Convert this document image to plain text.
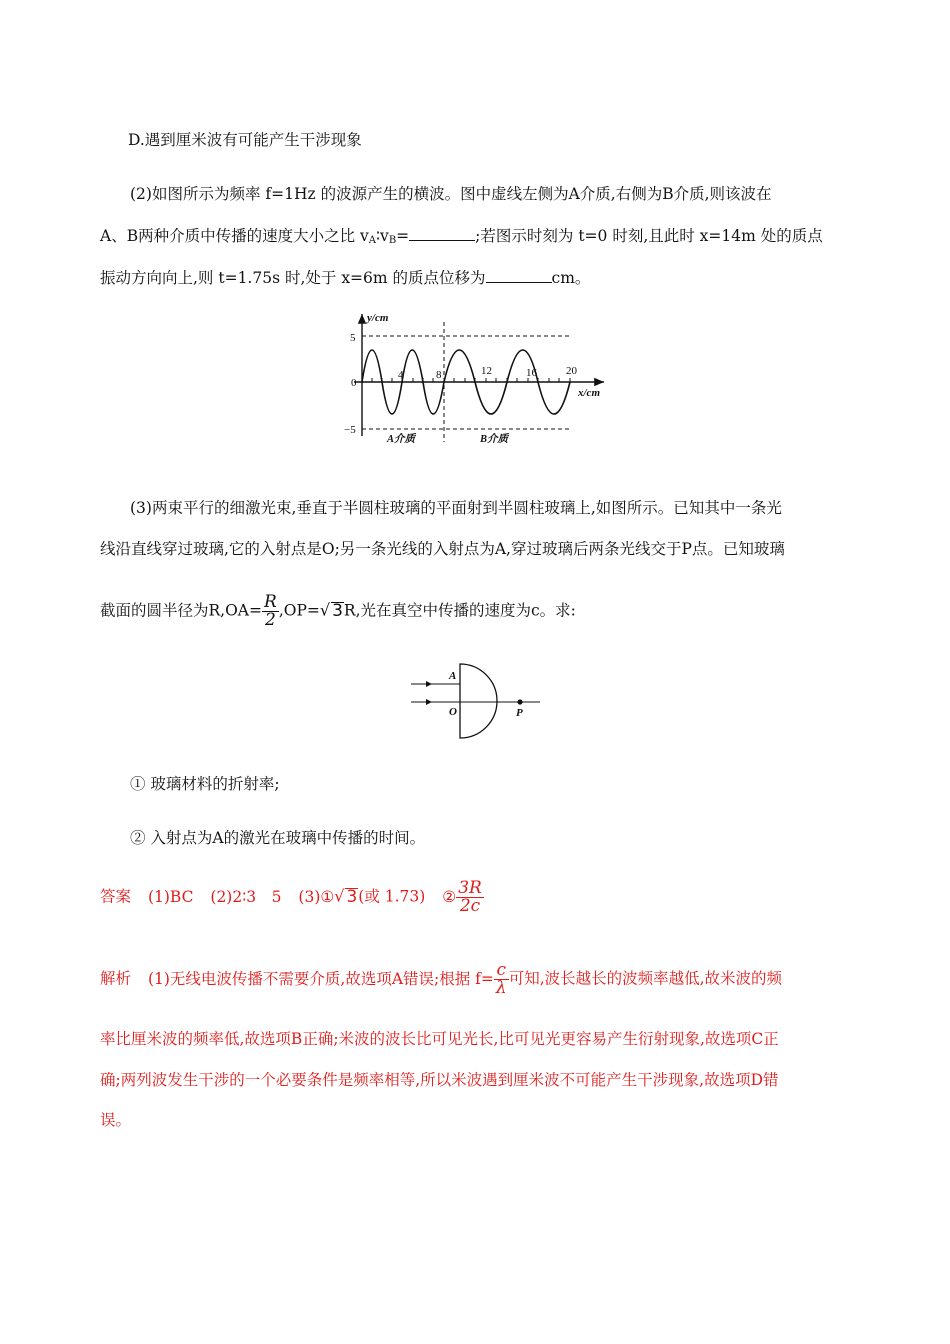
D.遇到厘米波有可能产生干涉现象
(2)如图所示为频率 f=1Hz 的波源产生的横波。图中虚线左侧为A介质,右侧为B介质,则该波在
A、B两种介质中传播的速度大小之比 $v_A∶v_B=$	;若图示时刻为 t=0 时刻,且此时 x=14m 处的质点
振动方向向上,则 t=1.75s 时,处于 x=6m 的质点位移为	cm。
y/cm
x/cm
5
0
−5
4	8	12	16	20
A介质	B介质
(3)两束平行的细激光束,垂直于半圆柱玻璃的平面射到半圆柱玻璃上,如图所示。已知其中一条光
线沿直线穿过玻璃,它的入射点是O;另一条光线的入射点为A,穿过玻璃后两条光线交于P点。已知玻璃
截面的圆半径为$R,OA= \frac{R}{2} ,OP=√$ 3R,光在真空中传播的速度为c。求:
A
O	P
① 玻璃材料的折射率;
② 入射点为A的激光在玻璃中传播的时间。
答案 (1)BC (2)2∶3　5 (3)①√ 3(或 1.73) ② $\frac{3R}{2c}$
解析 (1)无线电波传播不需要介质,故选项A错误;根据 $f= \frac{c}{\lambda}$ 可知,波长越长的波频率越低,故米波的频
率比厘米波的频率低,故选项B正确;米波的波长比可见光长,比可见光更容易产生衍射现象,故选项C正
确;两列波发生干涉的一个必要条件是频率相等,所以米波遇到厘米波不可能产生干涉现象,故选项D错
误。
